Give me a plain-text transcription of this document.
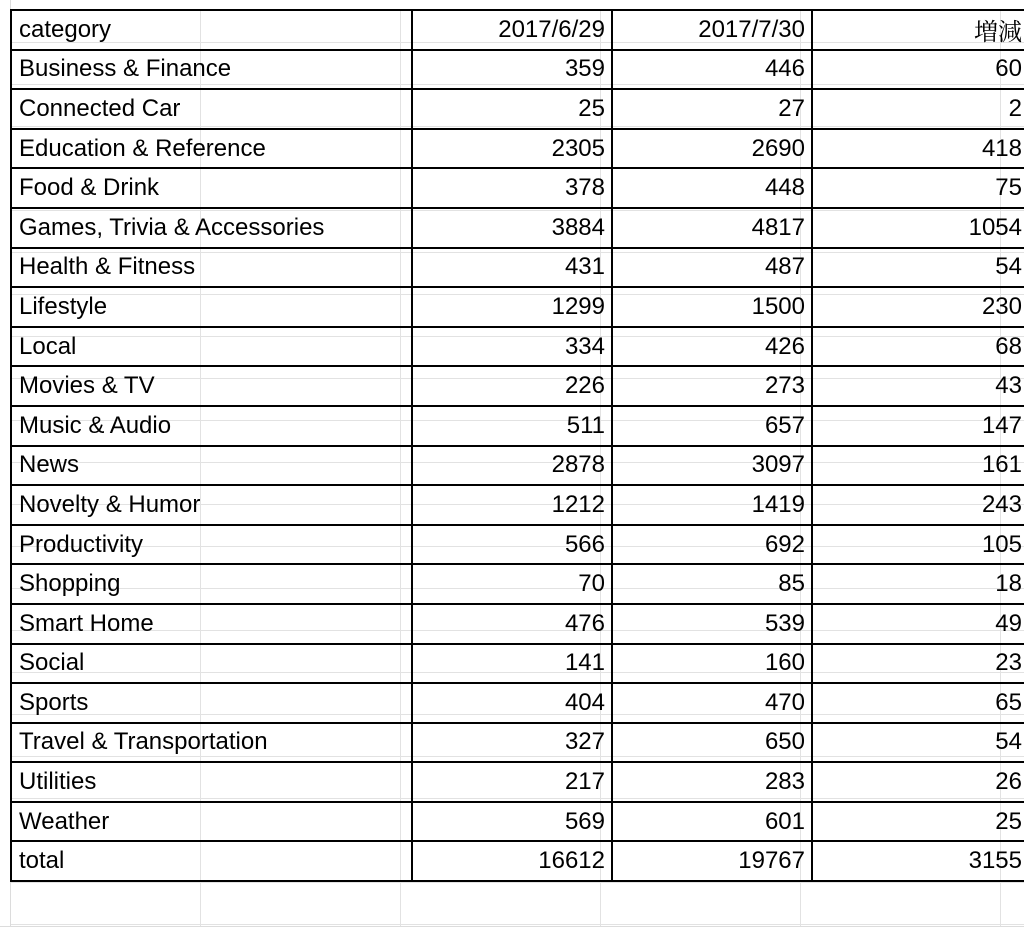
category	2017/6/29	2017/7/30	増減
Business & Finance	359	446	60
Connected Car	25	27	2
Education & Reference	2305	2690	418
Food & Drink	378	448	75
Games, Trivia & Accessories	3884	4817	1054
Health & Fitness	431	487	54
Lifestyle	1299	1500	230
Local	334	426	68
Movies & TV	226	273	43
Music & Audio	511	657	147
News	2878	3097	161
Novelty & Humor	1212	1419	243
Productivity	566	692	105
Shopping	70	85	18
Smart Home	476	539	49
Social	141	160	23
Sports	404	470	65
Travel & Transportation	327	650	54
Utilities	217	283	26
Weather	569	601	25
total	16612	19767	3155
